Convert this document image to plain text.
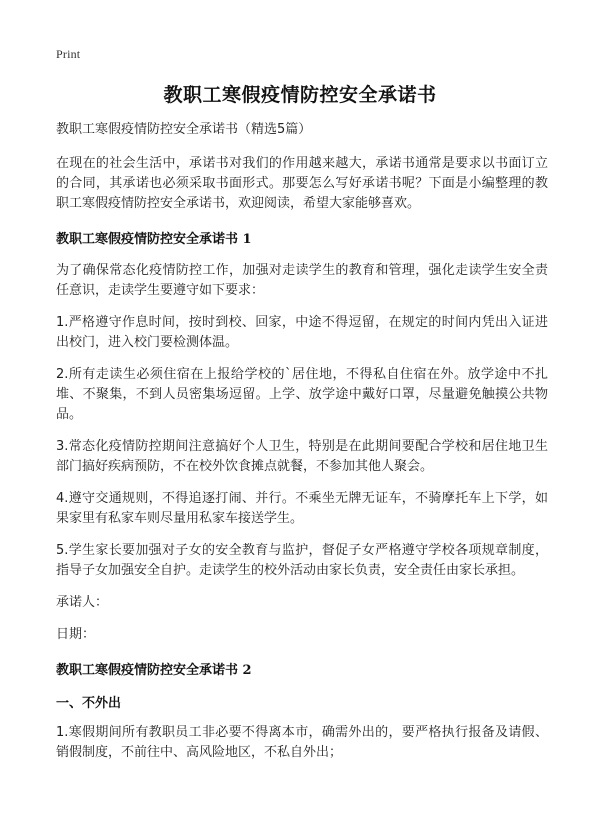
Print
教职工寒假疫情防控安全承诺书
教职工寒假疫情防控安全承诺书（精选5篇）

在现在的社会生活中，承诺书对我们的作用越来越大，承诺书通常是要求以书面订立的合同，其承诺也必须采取书面形式。那要怎么写好承诺书呢？下面是小编整理的教职工寒假疫情防控安全承诺书，欢迎阅读，希望大家能够喜欢。

教职工寒假疫情防控安全承诺书 1

为了确保常态化疫情防控工作，加强对走读学生的教育和管理，强化走读学生安全责任意识，走读学生要遵守如下要求：

1.严格遵守作息时间，按时到校、回家，中途不得逗留，在规定的时间内凭出入证进出校门，进入校门要检测体温。

2.所有走读生必须住宿在上报给学校的`居住地，不得私自住宿在外。放学途中不扎堆、不聚集，不到人员密集场逗留。上学、放学途中戴好口罩，尽量避免触摸公共物品。

3.常态化疫情防控期间注意搞好个人卫生，特别是在此期间要配合学校和居住地卫生部门搞好疾病预防，不在校外饮食摊点就餐，不参加其他人聚会。

4.遵守交通规则，不得追逐打闹、并行。不乘坐无牌无证车，不骑摩托车上下学，如果家里有私家车则尽量用私家车接送学生。

5.学生家长要加强对子女的安全教育与监护，督促子女严格遵守学校各项规章制度，指导子女加强安全自护。走读学生的校外活动由家长负责，安全责任由家长承担。

承诺人：

日期：

教职工寒假疫情防控安全承诺书 2
一、不外出

1.寒假期间所有教职员工非必要不得离本市，确需外出的，要严格执行报备及请假、销假制度，不前往中、高风险地区，不私自外出；
